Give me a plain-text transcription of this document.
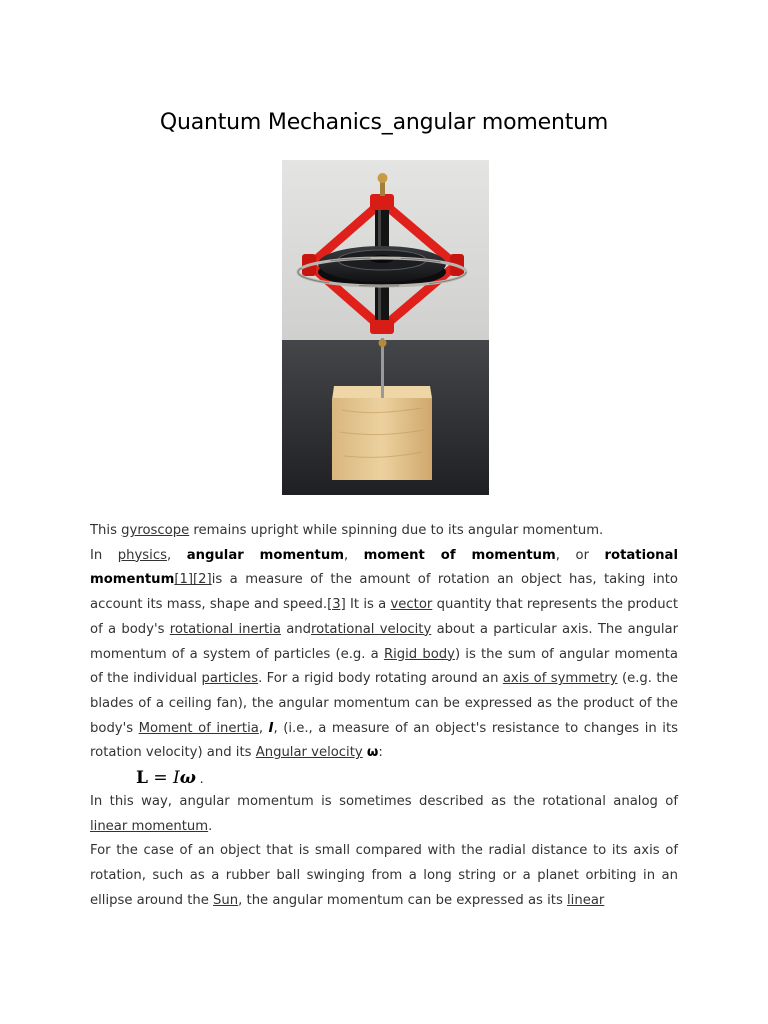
Quantum Mechanics_angular momentum

This gyroscope remains upright while spinning due to its angular momentum.

In physics, angular momentum, moment of momentum, or rotational momentum[1][2]is a measure of the amount of rotation an object has, taking into account its mass, shape and speed.[3] It is a vector quantity that represents the product of a body's rotational inertia androtational velocity about a particular axis. The angular momentum of a system of particles (e.g. a Rigid body) is the sum of angular momenta of the individual particles. For a rigid body rotating around an axis of symmetry (e.g. the blades of a ceiling fan), the angular momentum can be expressed as the product of the body's Moment of inertia, I, (i.e., a measure of an object's resistance to changes in its rotation velocity) and its Angular velocity ω:

L = Iω .

In this way, angular momentum is sometimes described as the rotational analog of linear momentum.

For the case of an object that is small compared with the radial distance to its axis of rotation, such as a rubber ball swinging from a long string or a planet orbiting in an ellipse around the Sun, the angular momentum can be expressed as its linear
